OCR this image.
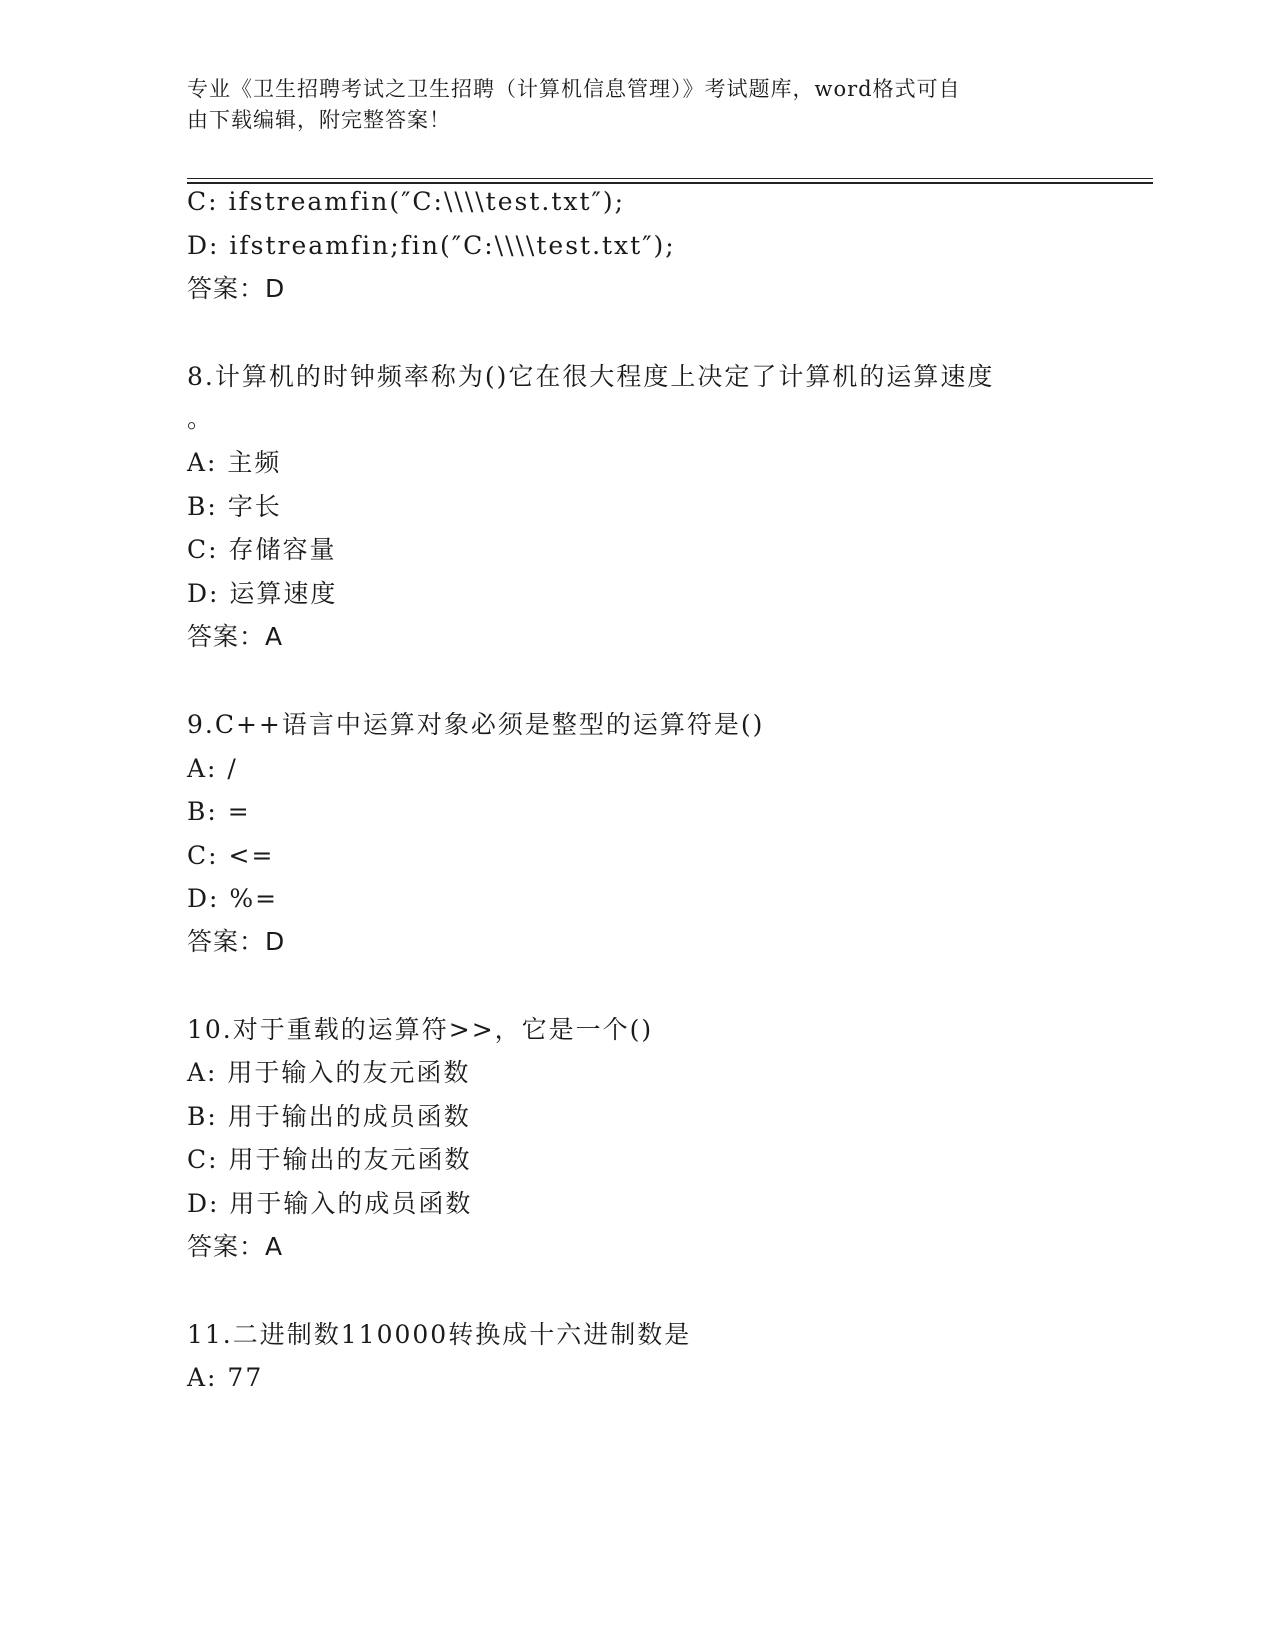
专业《卫生招聘考试之卫生招聘（计算机信息管理）》考试题库，word格式可自
由下载编辑，附完整答案！
C: ifstreamfin(″C:\\\\test.txt″);
D: ifstreamfin;fin(″C:\\\\test.txt″);
答案：D
8.计算机的时钟频率称为()它在很大程度上决定了计算机的运算速度
。
A: 主频
B: 字长
C: 存储容量
D: 运算速度
答案：A
9.C++语言中运算对象必须是整型的运算符是()
A: /
B: =
C: <=
D: %=
答案：D
10.对于重载的运算符>>，它是一个()
A: 用于输入的友元函数
B: 用于输出的成员函数
C: 用于输出的友元函数
D: 用于输入的成员函数
答案：A
11.二进制数110000转换成十六进制数是
A: 77
